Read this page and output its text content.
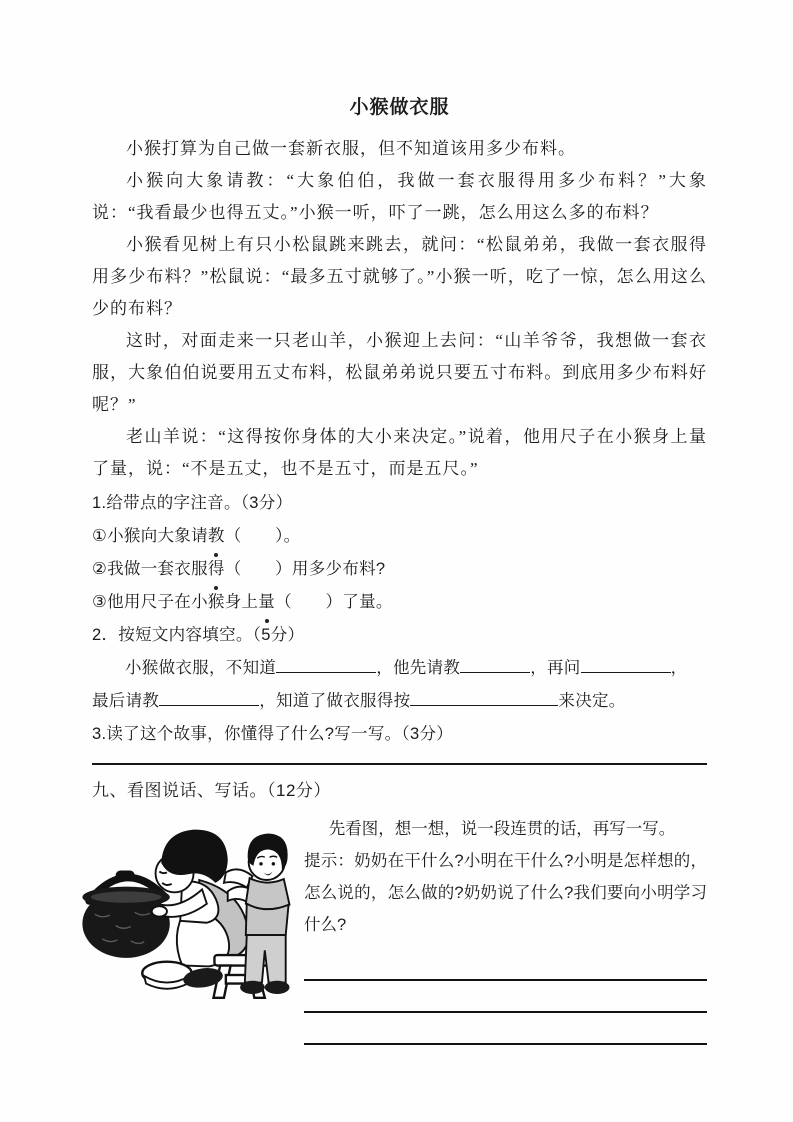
小猴做衣服

小猴打算为自己做一套新衣服，但不知道该用多少布料。

小猴向大象请教：“大象伯伯，我做一套衣服得用多少布料？”大象说：“我看最少也得五丈。”小猴一听，吓了一跳，怎么用这么多的布料？

小猴看见树上有只小松鼠跳来跳去，就问：“松鼠弟弟，我做一套衣服得用多少布料？”松鼠说：“最多五寸就够了。”小猴一听，吃了一惊，怎么用这么少的布料？

这时，对面走来一只老山羊，小猴迎上去问：“山羊爷爷，我想做一套衣服，大象伯伯说要用五丈布料，松鼠弟弟说只要五寸布料。到底用多少布料好呢？”

老山羊说：“这得按你身体的大小来决定。”说着，他用尺子在小猴身上量了量，说：“不是五丈，也不是五寸，而是五尺。”

1.给带点的字注音。（3分）
①小猴向大象请教（　　）。
②我做一套衣服得（　　）用多少布料?
③他用尺子在小猴身上量（　　）了量。
2．按短文内容填空。（5分）
小猴做衣服，不知道	，他先请教	，再问	，
最后请教	，知道了做衣服得按	来决定。
3.读了这个故事，你懂得了什么?写一写。（3分）
九、看图说话、写话。（12分）
先看图，想一想，说一段连贯的话，再写一写。
提示：奶奶在干什么?小明在干什么?小明是怎样想的，怎么说的，怎么做的?奶奶说了什么?我们要向小明学习什么?
